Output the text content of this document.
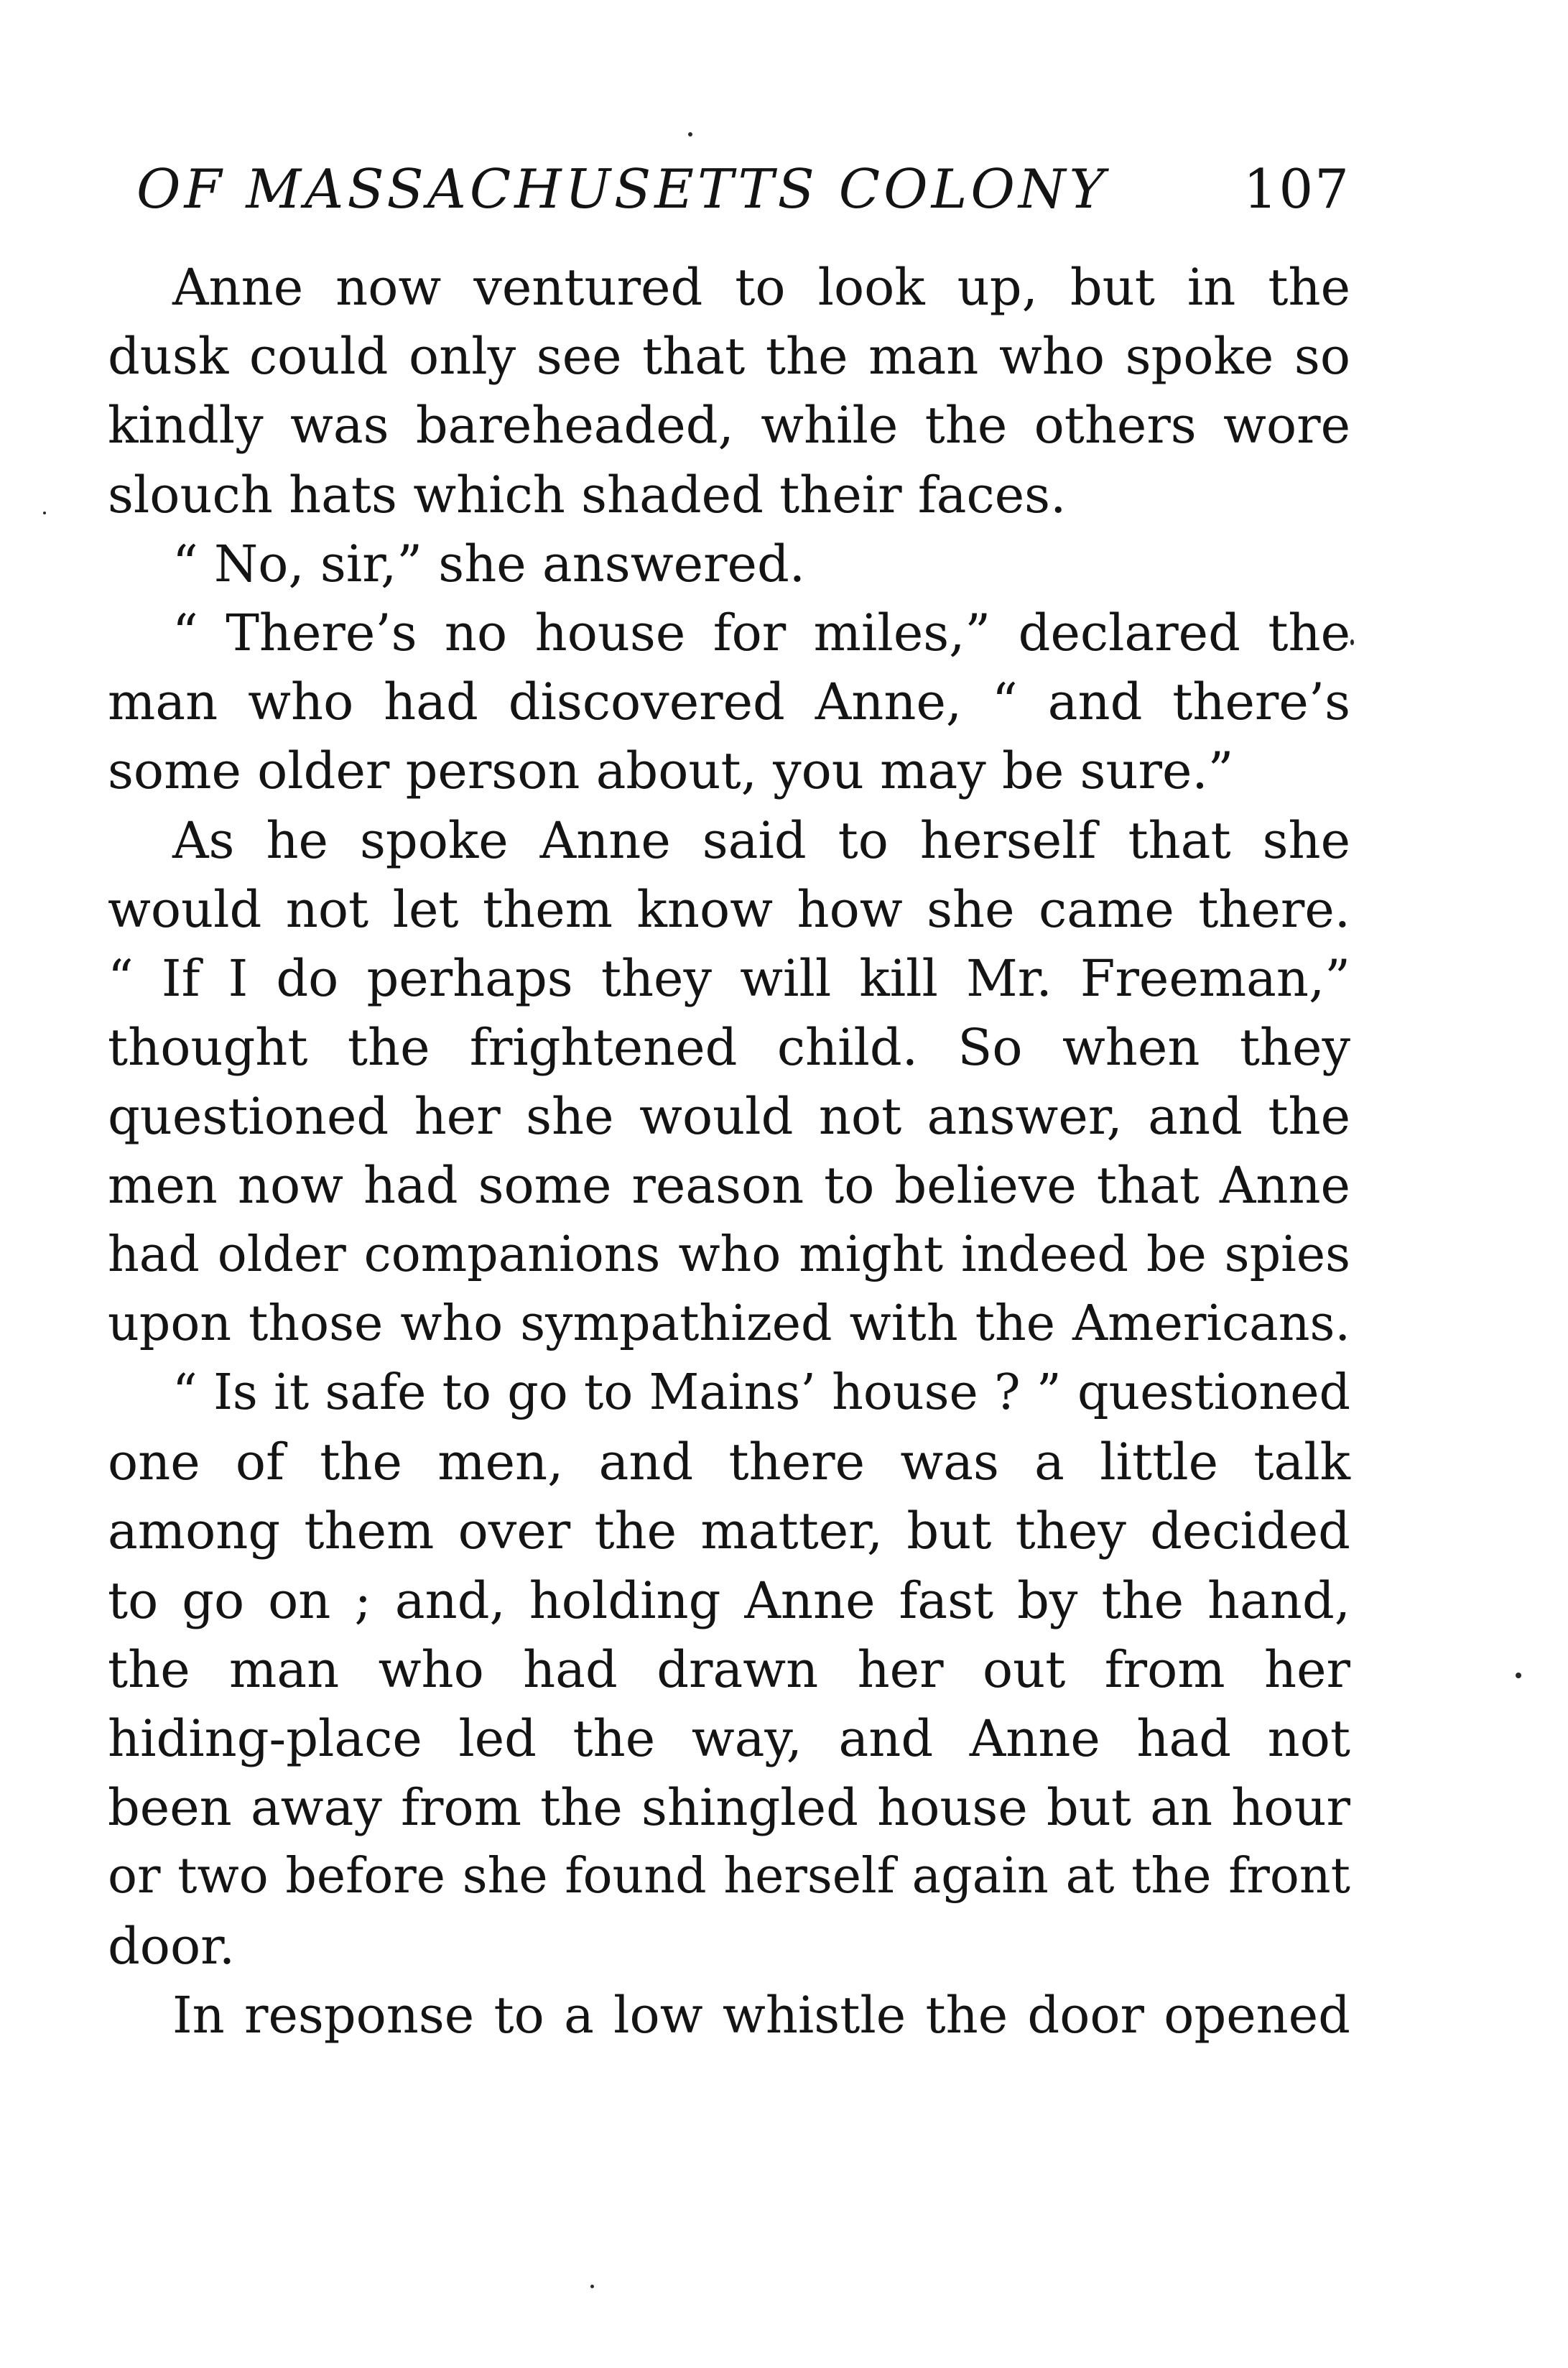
OF MASSACHUSETTS COLONY	107
Anne now ventured to look up, but in the
dusk could only see that the man who spoke so
kindly was bareheaded, while the others wore
slouch hats which shaded their faces.
“ No, sir,” she answered.
“ There’s no house for miles,” declared the
man who had discovered Anne, “ and there’s
some older person about, you may be sure.”
As he spoke Anne said to herself that she
would not let them know how she came there.
“ If I do perhaps they will kill Mr. Freeman,”
thought the frightened child. So when they
questioned her she would not answer, and the
men now had some reason to believe that Anne
had older companions who might indeed be spies
upon those who sympathized with the Americans.
“ Is it safe to go to Mains’ house ? ” questioned
one of the men, and there was a little talk
among them over the matter, but they decided
to go on ; and, holding Anne fast by the hand,
the man who had drawn her out from her
hiding-place led the way, and Anne had not
been away from the shingled house but an hour
or two before she found herself again at the front
door.
In response to a low whistle the door opened
